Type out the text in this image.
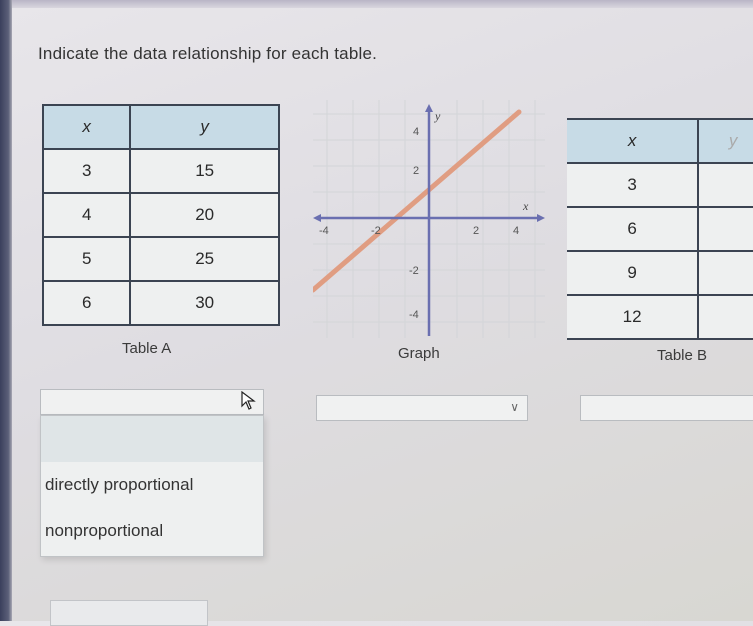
Indicate the data relationship for each table.
x	y
3	15
4	20
5	25
6	30
Table A
y
x
4
2
-4	-2	2	4
-2
-4
Graph
x	y
3	
6	
9	
12	
Table B
∨
directly proportional
nonproportional
